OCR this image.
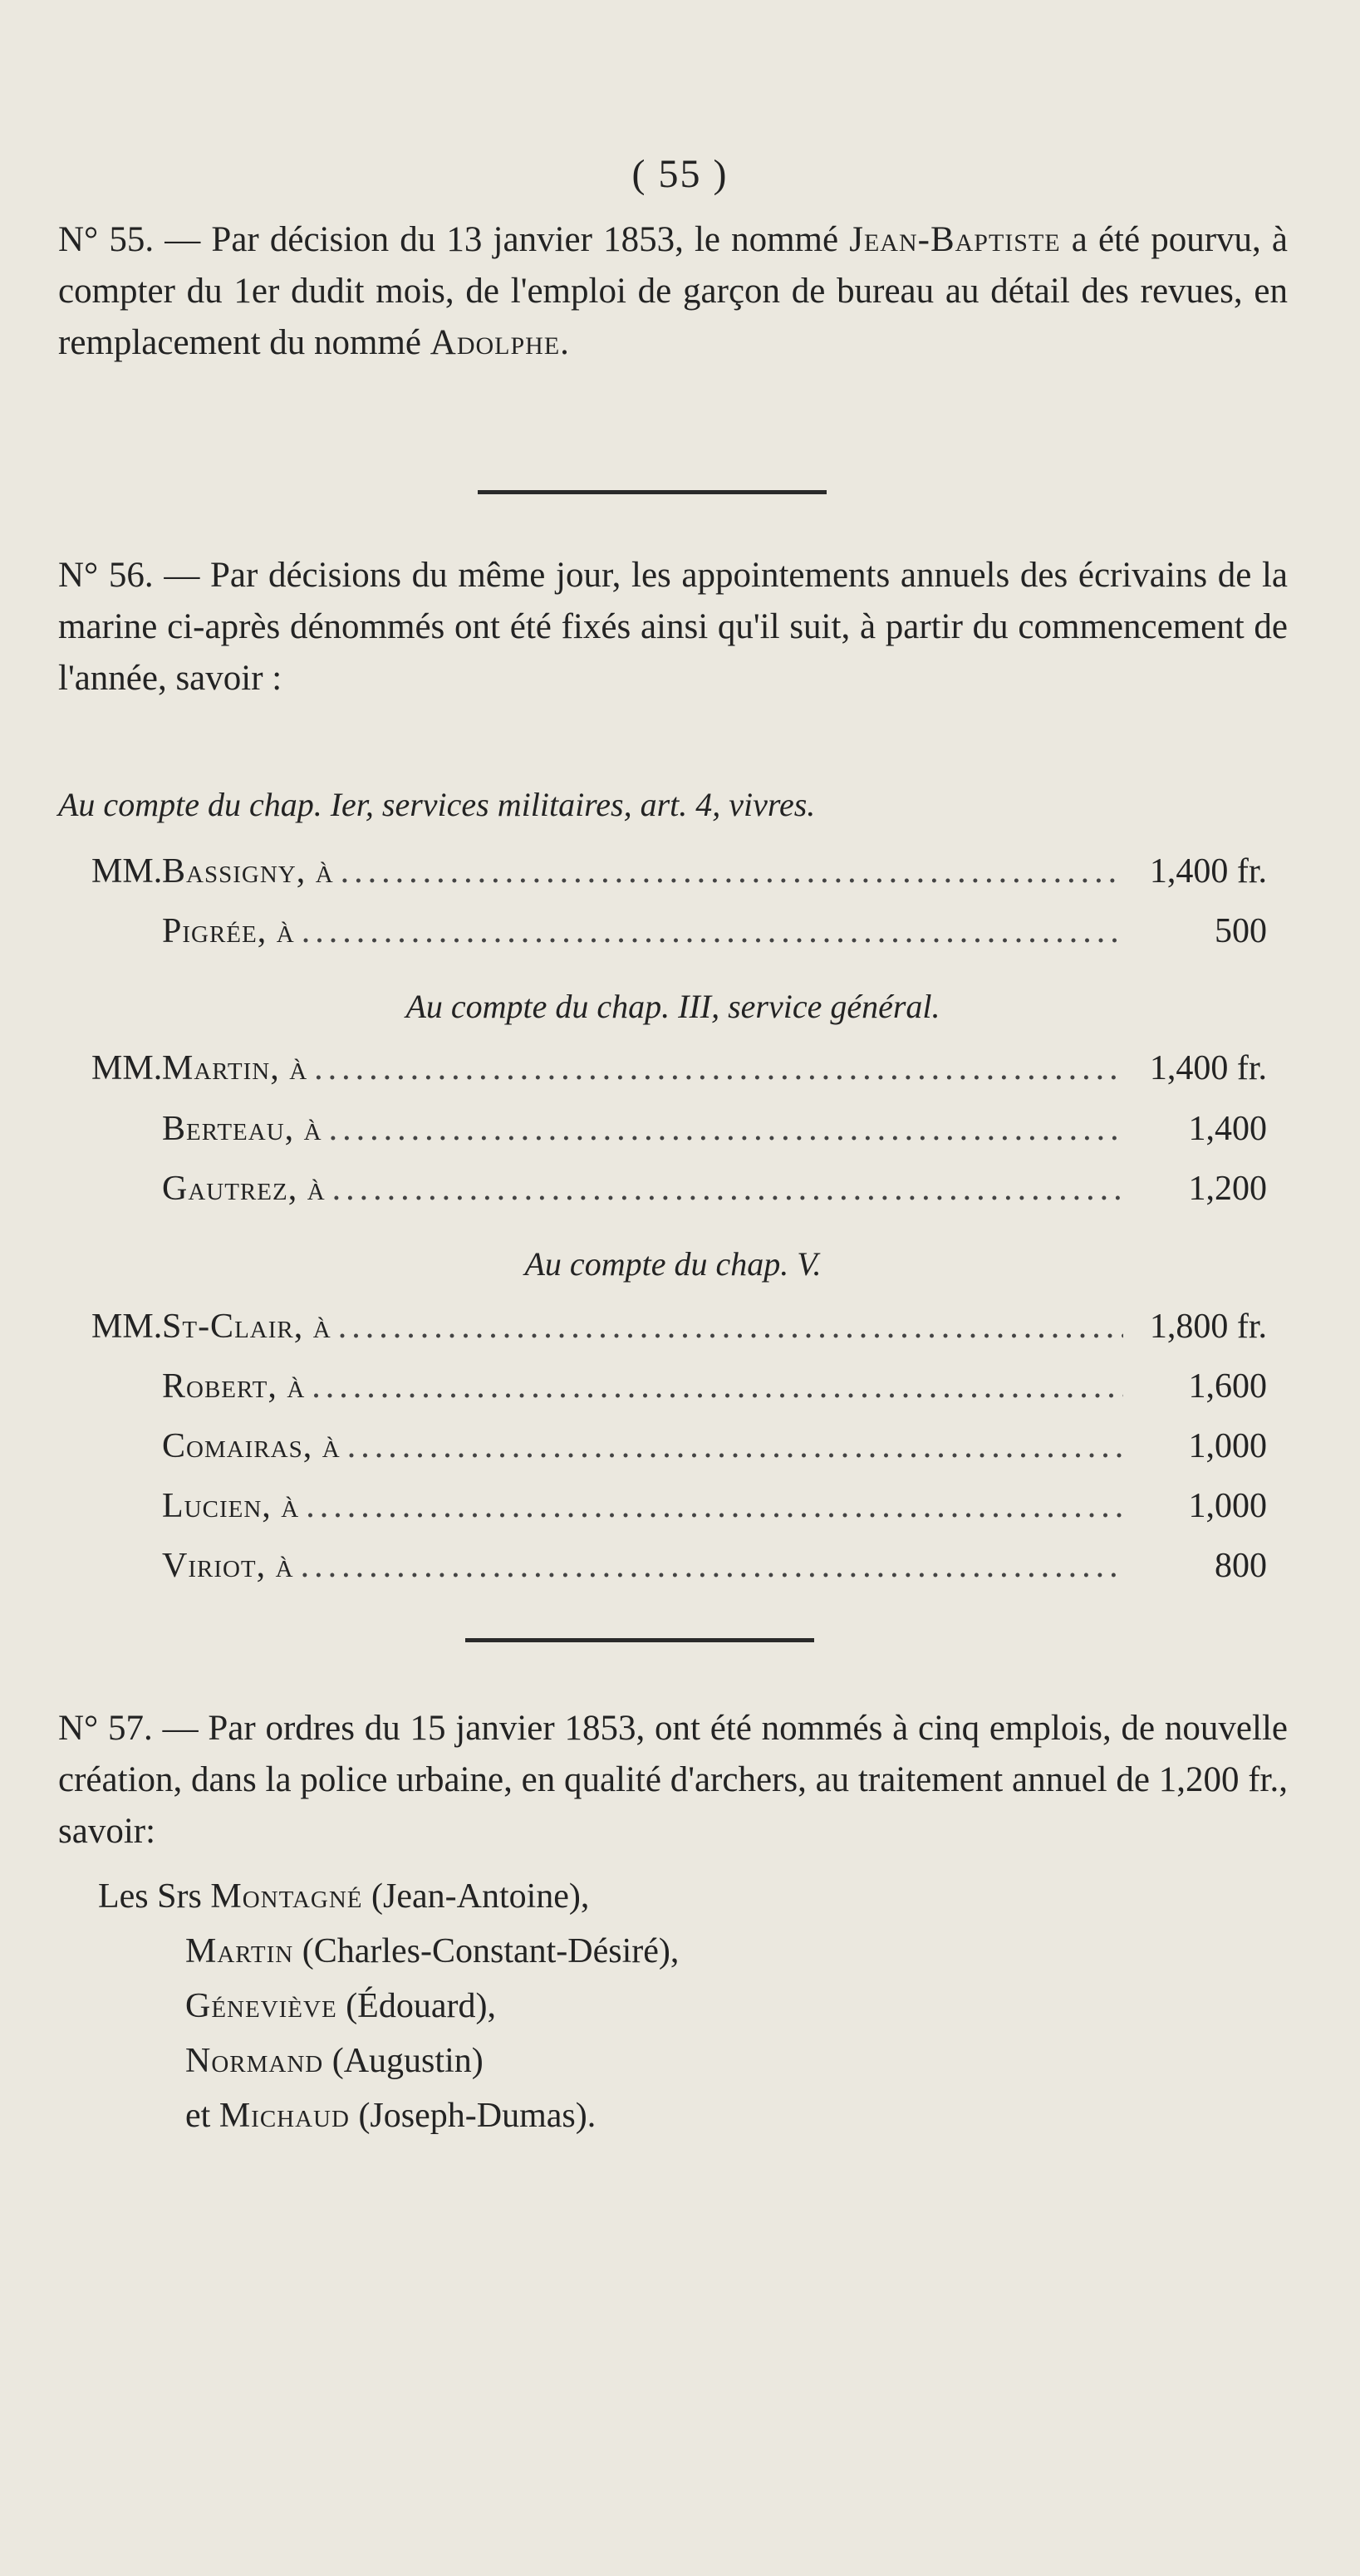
( 55 )

N° 55. — Par décision du 13 janvier 1853, le nommé Jean-Baptiste a été pourvu, à compter du 1er dudit mois, de l'emploi de garçon de bureau au détail des revues, en remplacement du nommé Adolphe.

N° 56. — Par décisions du même jour, les appointements annuels des écrivains de la marine ci-après dénommés ont été fixés ainsi qu'il suit, à partir du commencement de l'année, savoir :

Au compte du chap. Ier, services militaires, art. 4, vivres.
MM. Bassigny, à .....	1,400 fr.
Pigrée, à .....	500
Au compte du chap. III, service général.
MM. Martin, à .....	1,400 fr.
Berteau, à .....	1,400
Gautrez, à .....	1,200
Au compte du chap. V.
MM. St-Clair, à .....	1,800 fr.
Robert, à .....	1,600
Comairas, à .....	1,000
Lucien, à .....	1,000
Viriot, à .....	800

N° 57. — Par ordres du 15 janvier 1853, ont été nommés à cinq emplois, de nouvelle création, dans la police urbaine, en qualité d'archers, au traitement annuel de 1,200 fr., savoir:

Les Srs Montagné (Jean-Antoine),
Martin (Charles-Constant-Désiré),
Géneviève (Édouard),
Normand (Augustin)
et Michaud (Joseph-Dumas).
